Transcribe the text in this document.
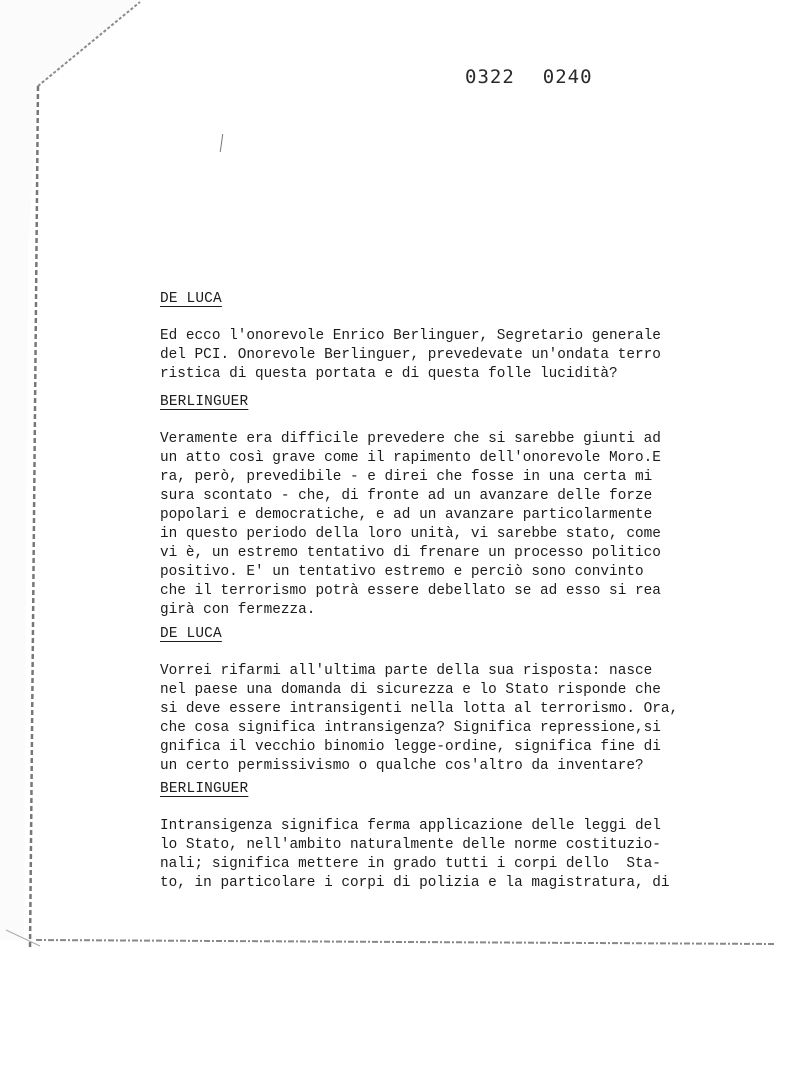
0322 0240
DE LUCA
Ed ecco l'onorevole Enrico Berlinguer, Segretario generale
del PCI. Onorevole Berlinguer, prevedevate un'ondata terro
ristica di questa portata e di questa folle lucidità?
BERLINGUER
Veramente era difficile prevedere che si sarebbe giunti ad
un atto così grave come il rapimento dell'onorevole Moro.E
ra, però, prevedibile - e direi che fosse in una certa mi
sura scontato - che, di fronte ad un avanzare delle forze
popolari e democratiche, e ad un avanzare particolarmente
in questo periodo della loro unità, vi sarebbe stato, come
vi è, un estremo tentativo di frenare un processo politico
positivo. E' un tentativo estremo e perciò sono convinto
che il terrorismo potrà essere debellato se ad esso si rea
girà con fermezza.
DE LUCA
Vorrei rifarmi all'ultima parte della sua risposta: nasce
nel paese una domanda di sicurezza e lo Stato risponde che
si deve essere intransigenti nella lotta al terrorismo. Ora,
che cosa significa intransigenza? Significa repressione,si
gnifica il vecchio binomio legge-ordine, significa fine di
un certo permissivismo o qualche cos'altro da inventare?
BERLINGUER
Intransigenza significa ferma applicazione delle leggi del
lo Stato, nell'ambito naturalmente delle norme costituzio-
nali; significa mettere in grado tutti i corpi dello  Sta-
to, in particolare i corpi di polizia e la magistratura, di
